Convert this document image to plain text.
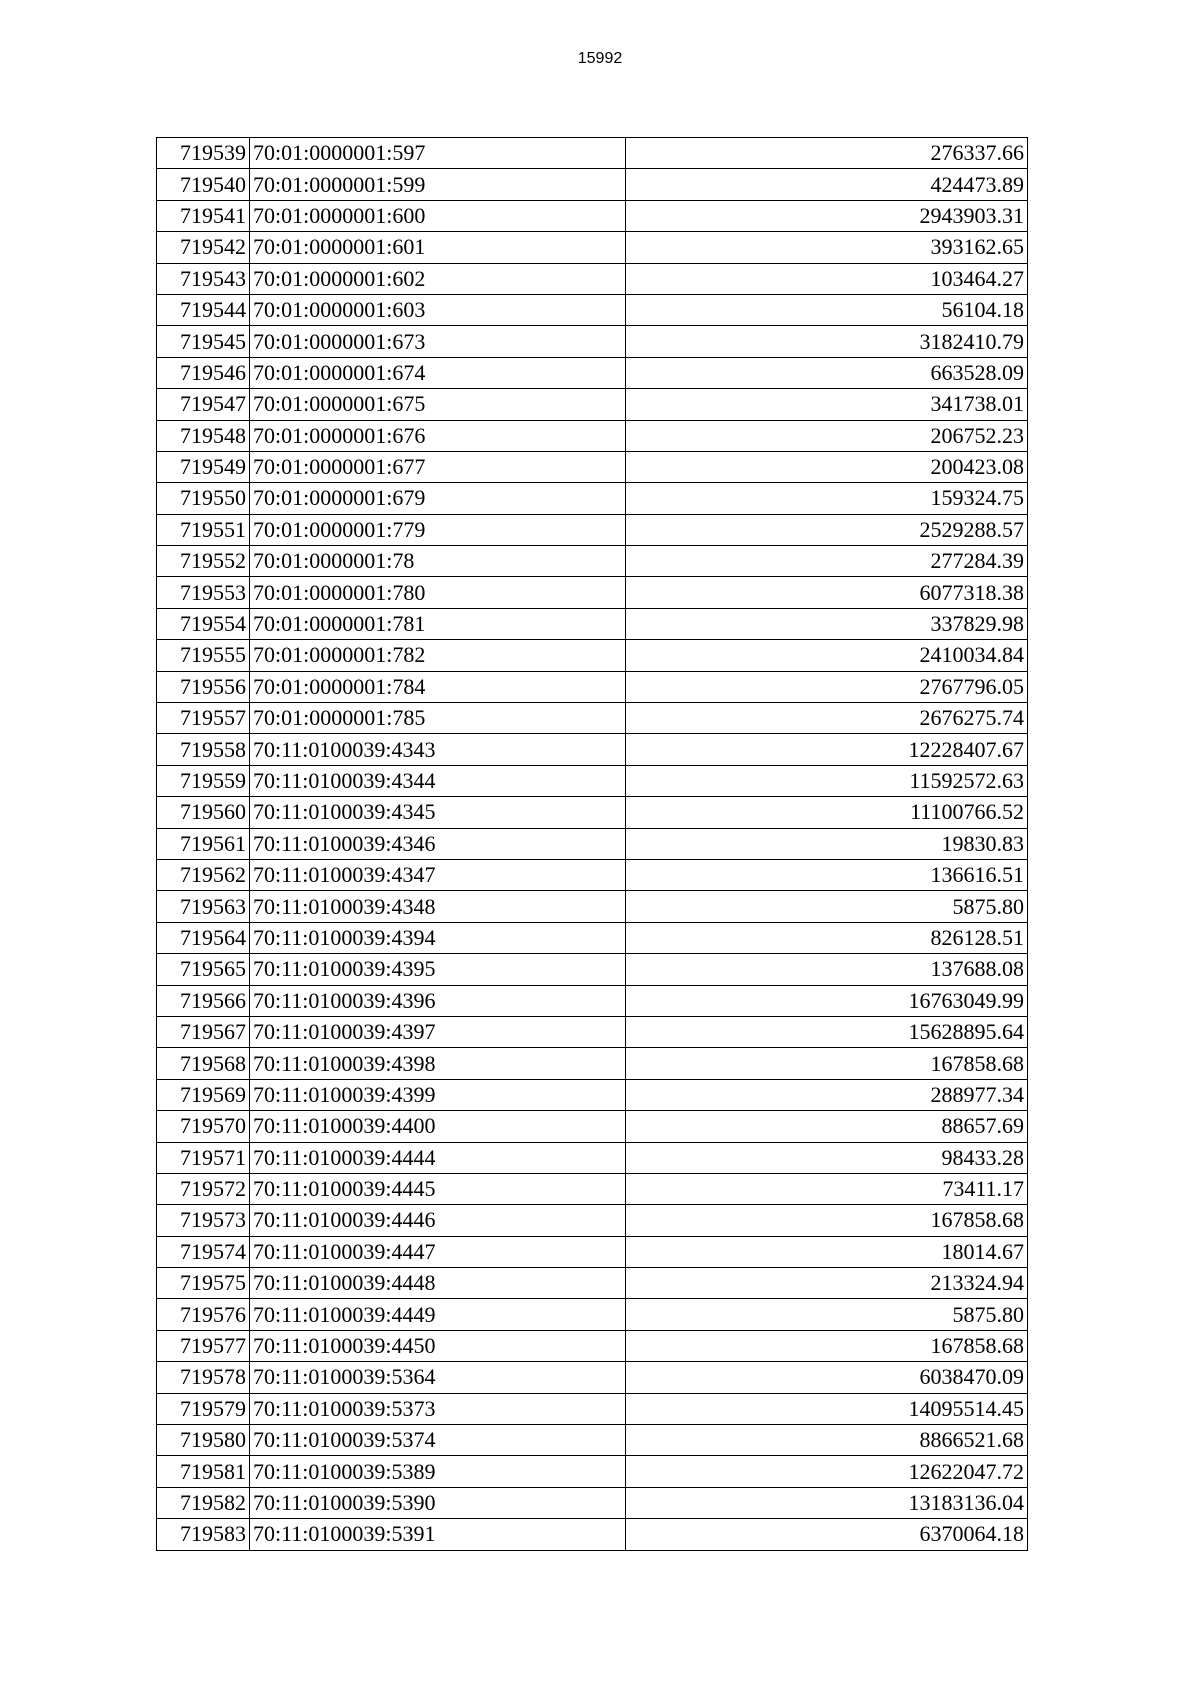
15992
719539	70:01:0000001:597	276337.66
719540	70:01:0000001:599	424473.89
719541	70:01:0000001:600	2943903.31
719542	70:01:0000001:601	393162.65
719543	70:01:0000001:602	103464.27
719544	70:01:0000001:603	56104.18
719545	70:01:0000001:673	3182410.79
719546	70:01:0000001:674	663528.09
719547	70:01:0000001:675	341738.01
719548	70:01:0000001:676	206752.23
719549	70:01:0000001:677	200423.08
719550	70:01:0000001:679	159324.75
719551	70:01:0000001:779	2529288.57
719552	70:01:0000001:78	277284.39
719553	70:01:0000001:780	6077318.38
719554	70:01:0000001:781	337829.98
719555	70:01:0000001:782	2410034.84
719556	70:01:0000001:784	2767796.05
719557	70:01:0000001:785	2676275.74
719558	70:11:0100039:4343	12228407.67
719559	70:11:0100039:4344	11592572.63
719560	70:11:0100039:4345	11100766.52
719561	70:11:0100039:4346	19830.83
719562	70:11:0100039:4347	136616.51
719563	70:11:0100039:4348	5875.80
719564	70:11:0100039:4394	826128.51
719565	70:11:0100039:4395	137688.08
719566	70:11:0100039:4396	16763049.99
719567	70:11:0100039:4397	15628895.64
719568	70:11:0100039:4398	167858.68
719569	70:11:0100039:4399	288977.34
719570	70:11:0100039:4400	88657.69
719571	70:11:0100039:4444	98433.28
719572	70:11:0100039:4445	73411.17
719573	70:11:0100039:4446	167858.68
719574	70:11:0100039:4447	18014.67
719575	70:11:0100039:4448	213324.94
719576	70:11:0100039:4449	5875.80
719577	70:11:0100039:4450	167858.68
719578	70:11:0100039:5364	6038470.09
719579	70:11:0100039:5373	14095514.45
719580	70:11:0100039:5374	8866521.68
719581	70:11:0100039:5389	12622047.72
719582	70:11:0100039:5390	13183136.04
719583	70:11:0100039:5391	6370064.18
